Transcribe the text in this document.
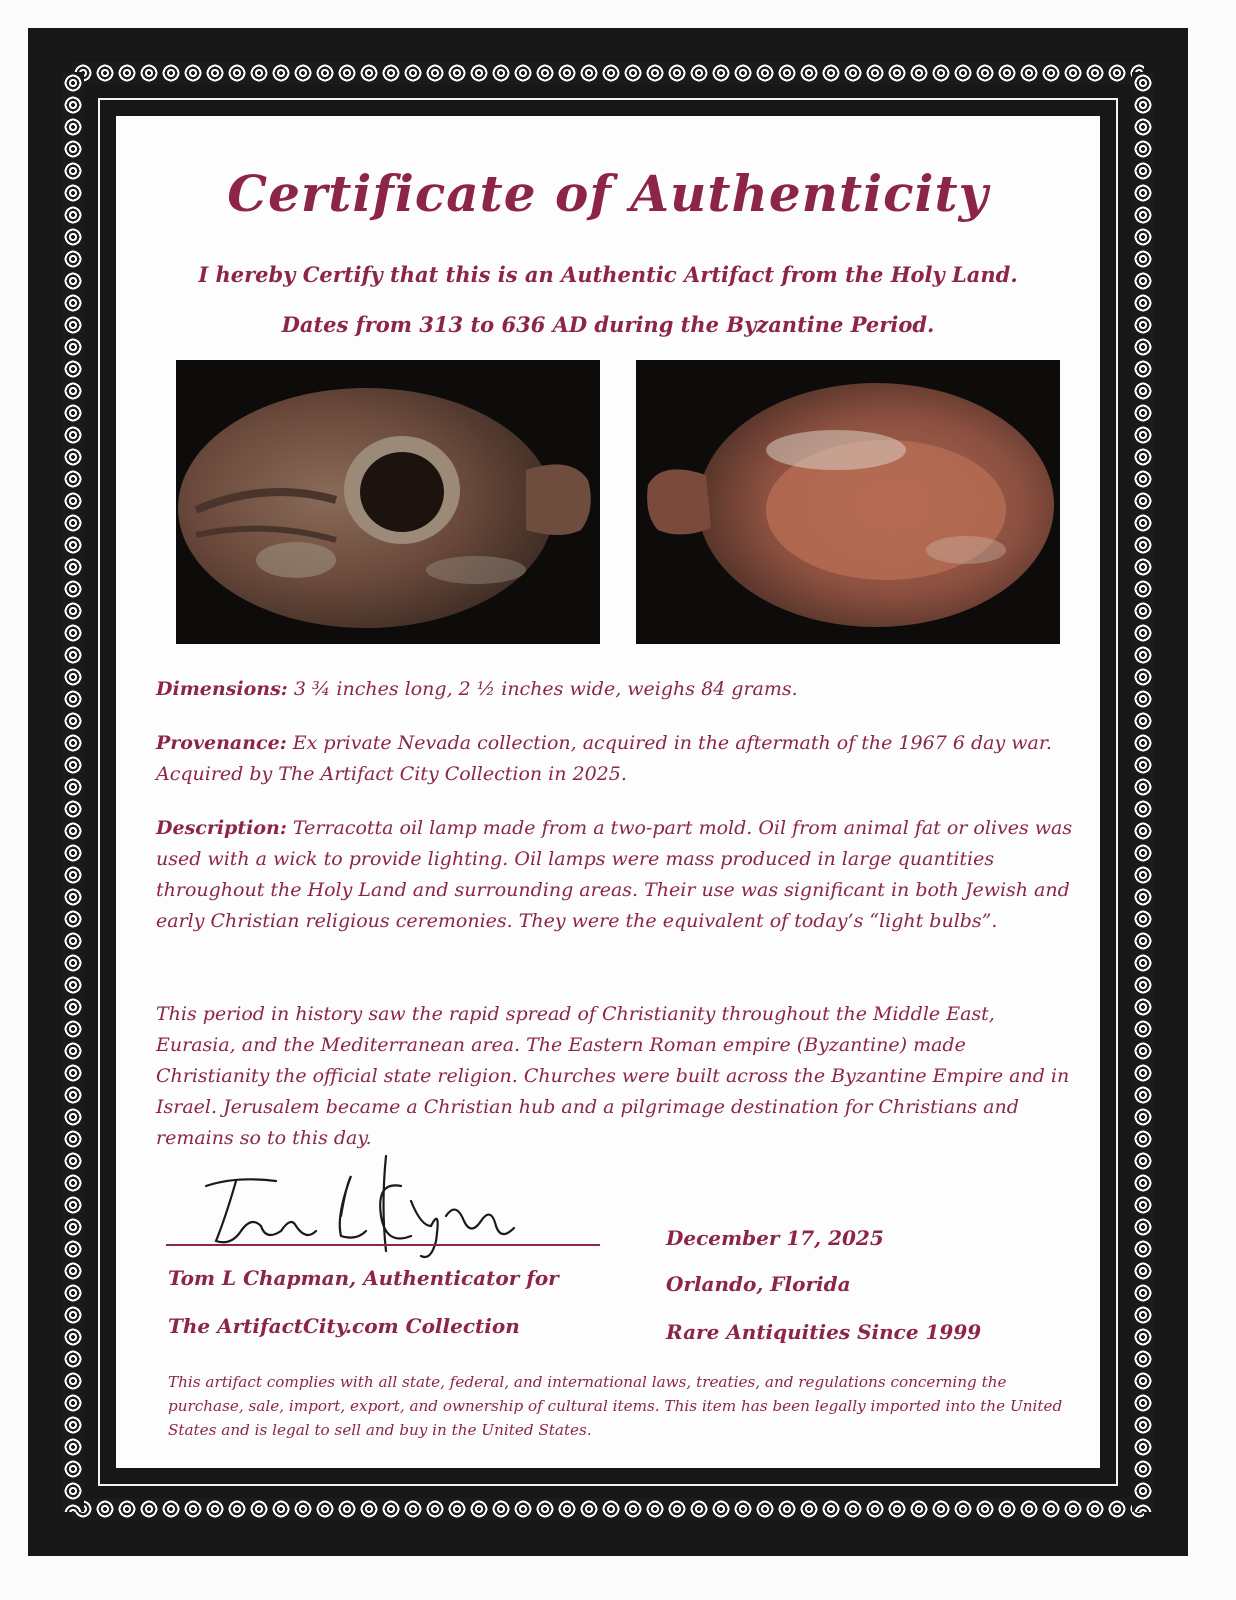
Certificate of Authenticity

I hereby Certify that this is an Authentic Artifact from the Holy Land.

Dates from 313 to 636 AD during the Byzantine Period.

Dimensions: 3 ¾ inches long, 2 ½ inches wide, weighs 84 grams.

Provenance: Ex private Nevada collection, acquired in the aftermath of the 1967 6 day war. Acquired by The Artifact City Collection in 2025.

Description: Terracotta oil lamp made from a two-part mold. Oil from animal fat or olives was used with a wick to provide lighting. Oil lamps were mass produced in large quantities throughout the Holy Land and surrounding areas. Their use was significant in both Jewish and early Christian religious ceremonies. They were the equivalent of today’s “light bulbs”.

This period in history saw the rapid spread of Christianity throughout the Middle East, Eurasia, and the Mediterranean area. The Eastern Roman empire (Byzantine) made Christianity the official state religion. Churches were built across the Byzantine Empire and in Israel. Jerusalem became a Christian hub and a pilgrimage destination for Christians and remains so to this day.

Tom L Chapman, Authenticator for

The ArtifactCity.com Collection

December 17, 2025

Orlando, Florida

Rare Antiquities Since 1999

This artifact complies with all state, federal, and international laws, treaties, and regulations concerning the purchase, sale, import, export, and ownership of cultural items. This item has been legally imported into the United States and is legal to sell and buy in the United States.
